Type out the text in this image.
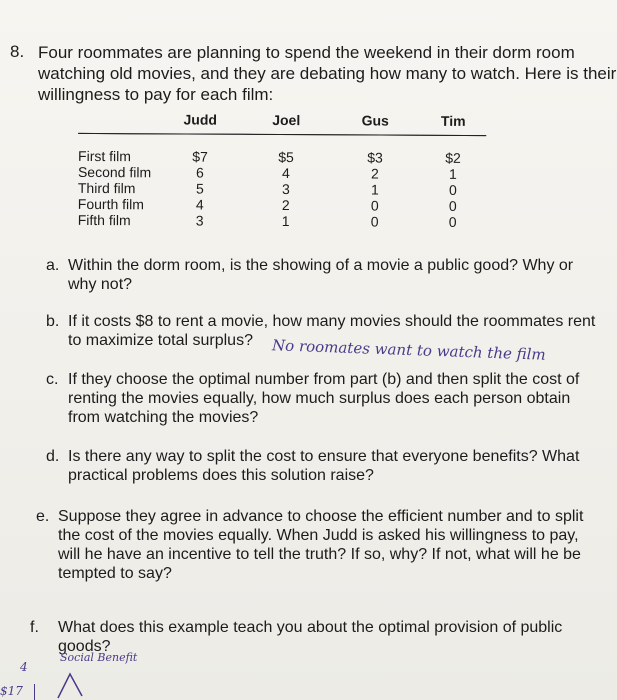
8. Four roommates are planning to spend the weekend in their dorm room
watching old movies, and they are debating how many to watch. Here is their
willingness to pay for each film:
	Judd	Joel	Gus	Tim
First film	$7	$5	$3	$2
Second film	6	4	2	1
Third film	5	3	1	0
Fourth film	4	2	0	0
Fifth film	3	1	0	0
a. Within the dorm room, is the showing of a movie a public good? Why or
why not?
b. If it costs $8 to rent a movie, how many movies should the roommates rent
to maximize total surplus?	No roomates want to watch the film
c. If they choose the optimal number from part (b) and then split the cost of
renting the movies equally, how much surplus does each person obtain
from watching the movies?
d. Is there any way to split the cost to ensure that everyone benefits? What
practical problems does this solution raise?
e. Suppose they agree in advance to choose the efficient number and to split
the cost of the movies equally. When Judd is asked his willingness to pay,
will he have an incentive to tell the truth? If so, why? If not, what will he be
tempted to say?
f. What does this example teach you about the optimal provision of public
goods?
Social Benefit
4
$17
